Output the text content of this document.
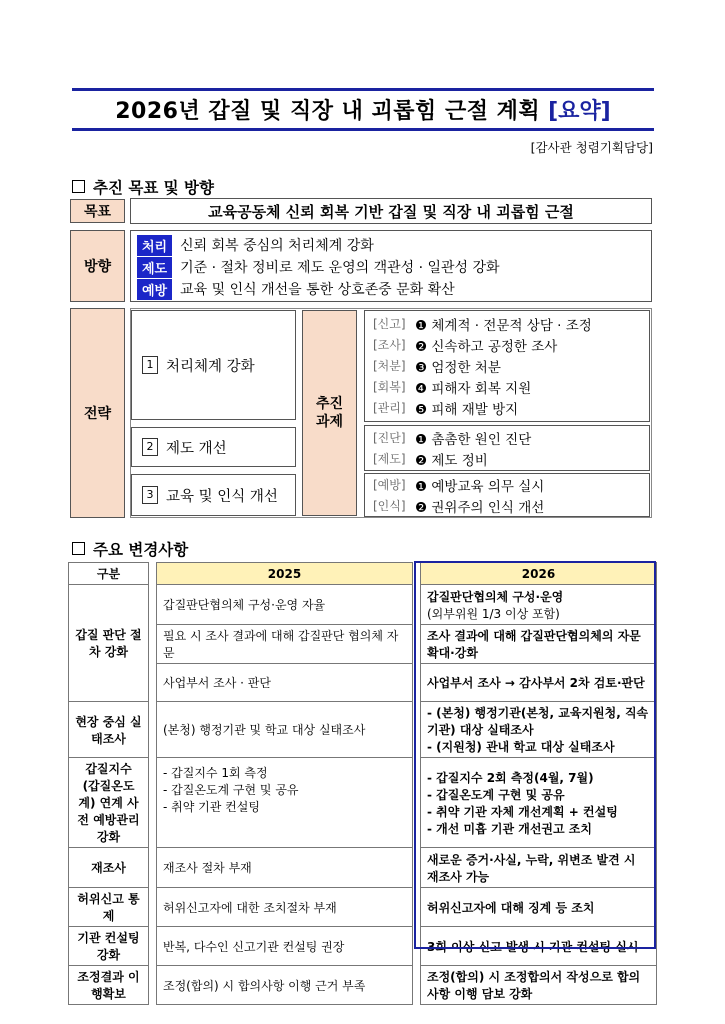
2026년 갑질 및 직장 내 괴롭힘 근절 계획 [요약]
[감사관 청렴기획담당]
추진 목표 및 방향
목표	교육공동체 신뢰 회복 기반 갑질 및 직장 내 괴롭힘 근절
방향
처리 신뢰 회복 중심의 처리체계 강화
제도 기준 · 절차 정비로 제도 운영의 객관성 · 일관성 강화
예방 교육 및 인식 개선을 통한 상호존중 문화 확산
전략
1 처리체계 강화
2 제도 개선
3 교육 및 인식 개선
추진과제
[신고] ❶ 체계적 · 전문적 상담 · 조정
[조사] ❷ 신속하고 공정한 조사
[처분] ❸ 엄정한 처분
[회복] ❹ 피해자 회복 지원
[관리] ❺ 피해 재발 방지
[진단] ❶ 촘촘한 원인 진단
[제도] ❷ 제도 정비
[예방] ❶ 예방교육 의무 실시
[인식] ❷ 권위주의 인식 개선
주요 변경사항
구분		2025		2026
갑질 판단 절차 강화		갑질판단협의체 구성·운영 자율		갑질판단협의체 구성·운영
(외부위원 1/3 이상 포함)

		필요 시 조사 결과에 대해 갑질판단 협의체 자문		조사 결과에 대해 갑질판단협의체의 자문 확대·강화
		사업부서 조사 · 판단		사업부서 조사 → 감사부서 2차 검토·판단
현장 중심 실태조사		(본청) 행정기관 및 학교 대상 실태조사		- (본청) 행정기관(본청, 교육지원청, 직속기관) 대상 실태조사
- (지원청) 관내 학교 대상 실태조사

갑질지수 (갑질온도계) 연계 사전 예방관리 강화		- 갑질지수 1회 측정
- 갑질온도계 구현 및 공유
- 취약 기관 컨설팅		- 갑질지수 2회 측정(4월, 7월)
- 갑질온도계 구현 및 공유
- 취약 기관 자체 개선계획 + 컨설팅
- 개선 미흡 기관 개선권고 조치
재조사		재조사 절차 부재		새로운 증거·사실, 누락, 위변조 발견 시 재조사 가능
허위신고 통제		허위신고자에 대한 조치절차 부재		허위신고자에 대해 징계 등 조치
기관 컨설팅 강화		반복, 다수인 신고기관 컨설팅 권장		3회 이상 신고 발생 시 기관 컨설팅 실시
조정결과 이행확보		조정(합의) 시 합의사항 이행 근거 부족		조정(합의) 시 조정합의서 작성으로 합의사항 이행 담보 강화
